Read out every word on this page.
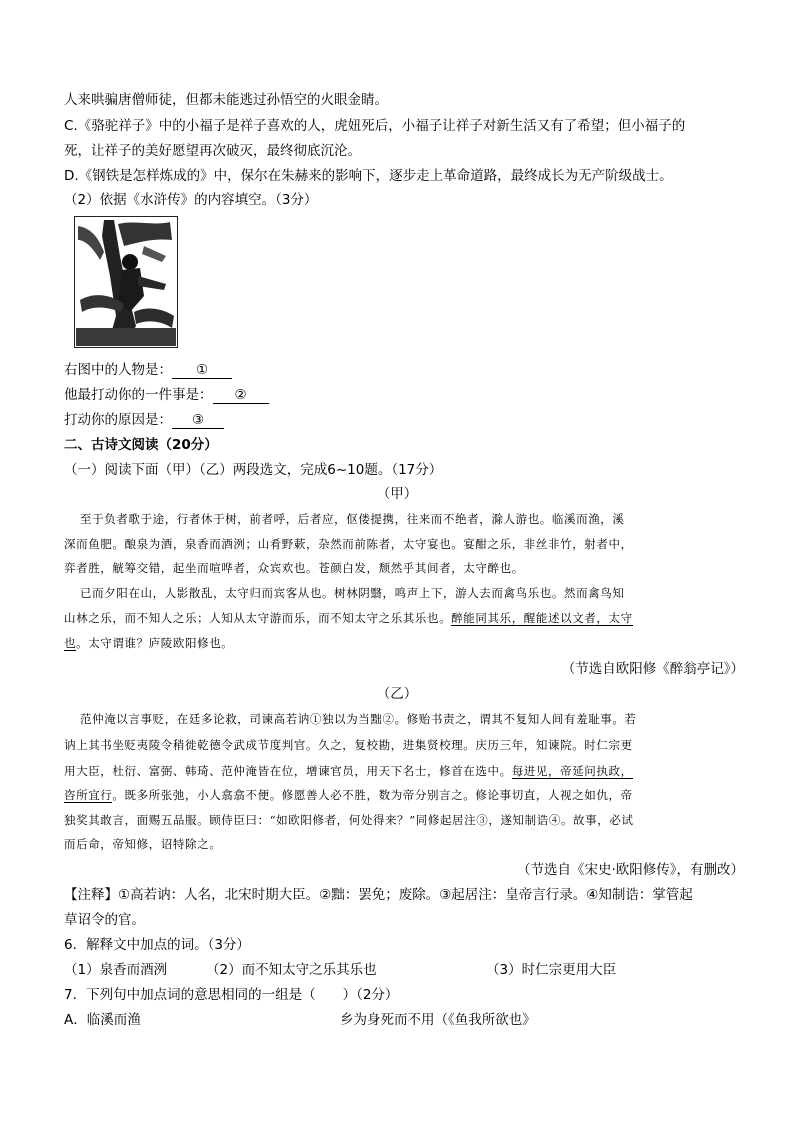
人来哄骗唐僧师徒，但都未能逃过孙悟空的火眼金睛。
C.《骆驼祥子》中的小福子是祥子喜欢的人，虎妞死后，小福子让祥子对新生活又有了希望；但小福子的
死，让祥子的美好愿望再次破灭，最终彻底沉沦。
D.《钢铁是怎样炼成的》中，保尔在朱赫来的影响下，逐步走上革命道路，最终成长为无产阶级战士。
（2）依据《水浒传》的内容填空。（3分）
右图中的人物是： ①
他最打动你的一件事是： ②
打动你的原因是： ③
二、古诗文阅读（20分）
（一）阅读下面（甲）（乙）两段选文，完成6~10题。（17分）
（甲）
至于负者歌于途，行者休于树，前者呼，后者应，伛偻提携，往来而不绝者，滁人游也。临溪而渔，溪
深而鱼肥。酿泉为酒，泉香而酒洌；山肴野蔌，杂然而前陈者，太守宴也。宴酣之乐，非丝非竹，射者中，
弈者胜，觥筹交错，起坐而喧哗者，众宾欢也。苍颜白发，颓然乎其间者，太守醉也。
已而夕阳在山，人影散乱，太守归而宾客从也。树林阴翳，鸣声上下，游人去而禽鸟乐也。然而禽鸟知
山林之乐，而不知人之乐；人知从太守游而乐，而不知太守之乐其乐也。醉能同其乐，醒能述以文者，太守
也。太守谓谁？庐陵欧阳修也。
（节选自欧阳修《醉翁亭记》）
（乙）
范仲淹以言事贬，在廷多论救，司谏高若讷①独以为当黜②。修贻书责之，谓其不复知人间有羞耻事。若
讷上其书坐贬夷陵令稍徙乾德令武成节度判官。久之，复校勘，进集贤校理。庆历三年，知谏院。时仁宗更
用大臣，杜衍、富弼、韩琦、范仲淹皆在位，增谏官员，用天下名士，修首在选中。每进见，帝延问执政，
咨所宜行。既多所张弛，小人翕翕不便。修愿善人必不胜，数为帝分别言之。修论事切直，人视之如仇，帝
独奖其敢言，面赐五品服。顾侍臣曰：“如欧阳修者，何处得来？”同修起居注③，遂知制诰④。故事，必试
而后命，帝知修，诏特除之。
（节选自《宋史·欧阳修传》，有删改）
【注释】①高若讷：人名，北宋时期大臣。②黜：罢免；废除。③起居注：皇帝言行录。④知制诰：掌管起
草诏令的官。
6．解释文中加点的词。（3分）
（1）泉香而酒洌	（2）而不知太守之乐其乐也	（3）时仁宗更用大臣
7．下列句中加点词的意思相同的一组是（　　）（2分）
A．临溪而渔	乡为身死而不用（《鱼我所欲也》
